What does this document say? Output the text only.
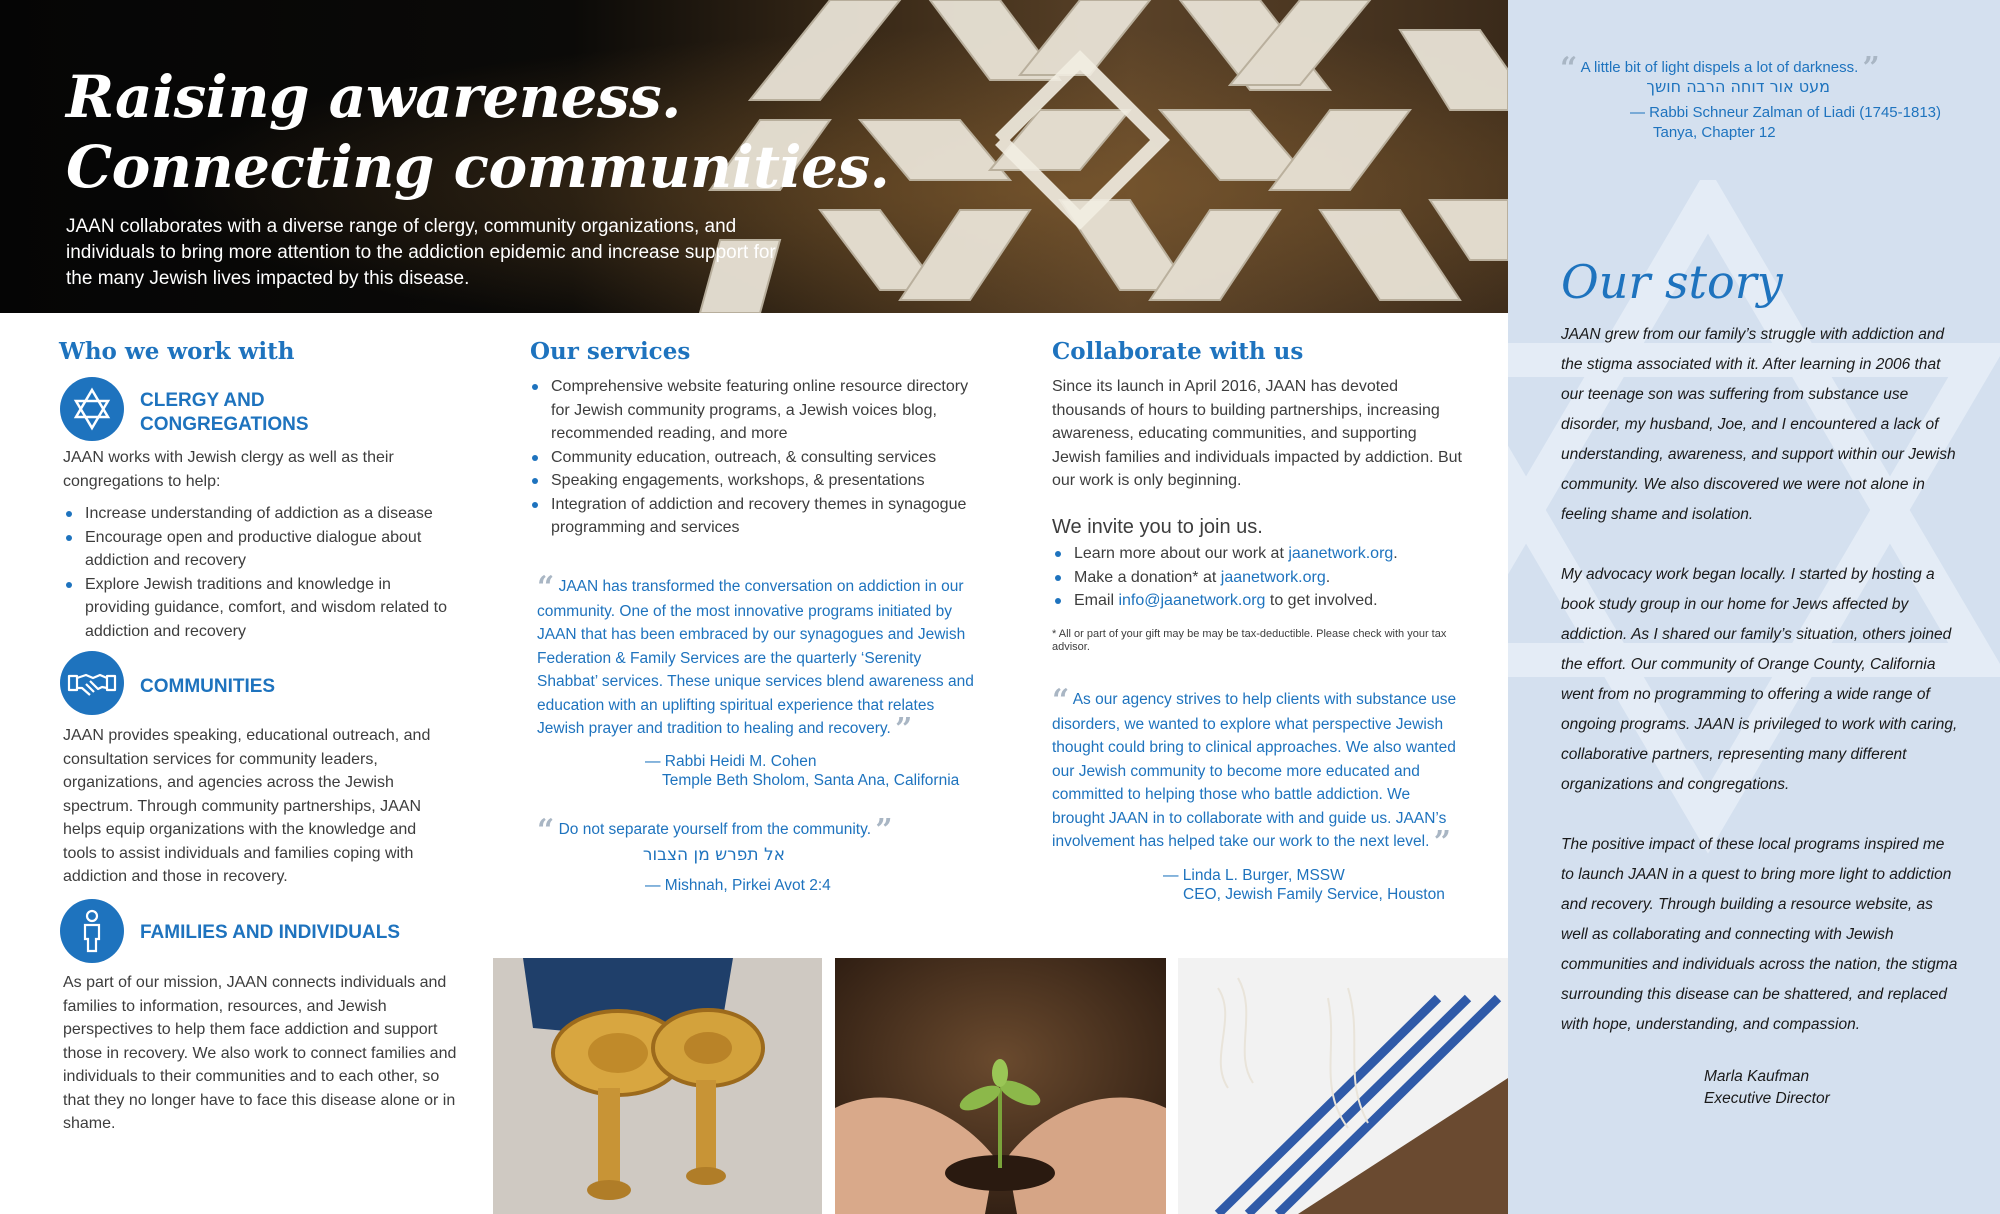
Raising awareness.
Connecting communities.

JAAN collaborates with a diverse range of clergy, community organizations, and individuals to bring more attention to the addiction epidemic and increase support for the many Jewish lives impacted by this disease.

“ A little bit of light dispels a lot of darkness. ”
מעט אור דוחה הרבה חושך
— Rabbi Schneur Zalman of Liadi (1745-1813)
Tanya, Chapter 12
Our story

JAAN grew from our family’s struggle with addiction and the stigma associated with it. After learning in 2006 that our teenage son was suffering from substance use disorder, my husband, Joe, and I encountered a lack of understanding, awareness, and support within our Jewish community. We also discovered we were not alone in feeling shame and isolation.

My advocacy work began locally. I started by hosting a book study group in our home for Jews affected by addiction. As I shared our family’s situation, others joined the effort. Our community of Orange County, California went from no programming to offering a wide range of ongoing programs. JAAN is privileged to work with caring, collaborative partners, representing many different organizations and congregations.

The positive impact of these local programs inspired me to launch JAAN in a quest to bring more light to addiction and recovery. Through building a resource website, as well as collaborating and connecting with Jewish communities and individuals across the nation, the stigma surrounding this disease can be shattered, and replaced with hope, understanding, and compassion.

Marla Kaufman
Executive Director
Who we work with
CLERGY AND
CONGREGATIONS
JAAN works with Jewish clergy as well as their congregations to help:
Increase understanding of addiction as a disease
Encourage open and productive dialogue about addiction and recovery
Explore Jewish traditions and knowledge in providing guidance, comfort, and wisdom related to addiction and recovery
COMMUNITIES
JAAN provides speaking, educational outreach, and consultation services for community leaders, organizations, and agencies across the Jewish spectrum. Through community partnerships, JAAN helps equip organizations with the knowledge and tools to assist individuals and families coping with addiction and those in recovery.
FAMILIES AND INDIVIDUALS
As part of our mission, JAAN connects individuals and families to information, resources, and Jewish perspectives to help them face addiction and support those in recovery. We also work to connect families and individuals to their communities and to each other, so that they no longer have to face this disease alone or in shame.
Our services
Comprehensive website featuring online resource directory for Jewish community programs, a Jewish voices blog, recommended reading, and more
Community education, outreach, & consulting services
Speaking engagements, workshops, & presentations
Integration of addiction and recovery themes in synagogue programming and services
“ JAAN has transformed the conversation on addiction in our community. One of the most innovative programs initiated by JAAN that has been embraced by our synagogues and Jewish Federation & Family Services are the quarterly ‘Serenity Shabbat’ services. These unique services blend awareness and education with an uplifting spiritual experience that relates Jewish prayer and tradition to healing and recovery. ”
— Rabbi Heidi M. Cohen
Temple Beth Sholom, Santa Ana, California
“ Do not separate yourself from the community. ”
אל תפרש מן הצבור
— Mishnah, Pirkei Avot 2:4
Collaborate with us
Since its launch in April 2016, JAAN has devoted thousands of hours to building partnerships, increasing awareness, educating communities, and supporting Jewish families and individuals impacted by addiction. But our work is only beginning.
We invite you to join us.
Learn more about our work at jaanetwork.org.
Make a donation* at jaanetwork.org.
Email info@jaanetwork.org to get involved.
* All or part of your gift may be may be tax-deductible. Please check with your tax advisor.
“ As our agency strives to help clients with substance use disorders, we wanted to explore what perspective Jewish thought could bring to clinical approaches. We also wanted our Jewish community to become more educated and committed to helping those who battle addiction. We brought JAAN in to collaborate with and guide us. JAAN’s involvement has helped take our work to the next level. ”
— Linda L. Burger, MSSW
CEO, Jewish Family Service, Houston
